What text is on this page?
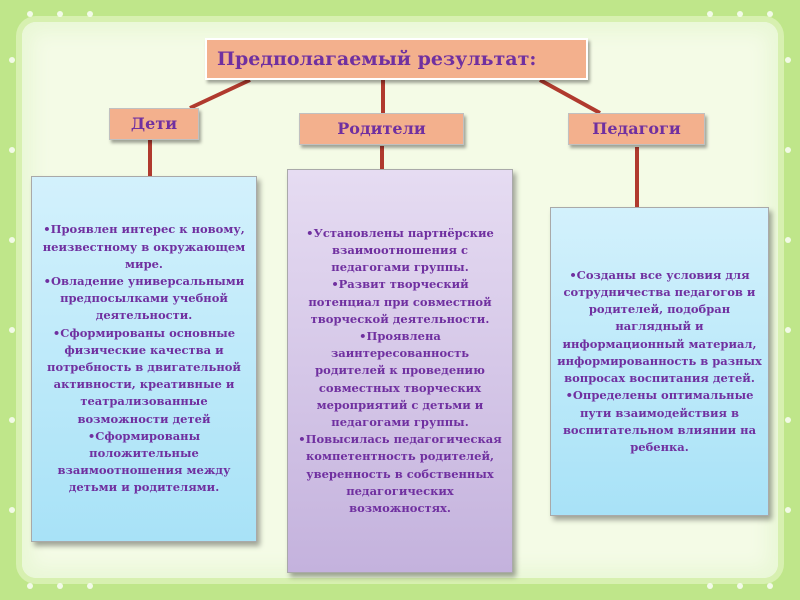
Предполагаемый результат:
Дети	Родители	Педагоги

•Проявлен интерес к новому, неизвестному в окружающем мире.

•Овладение универсальными предпосылками учебной деятельности.

•Сформированы основные физические качества и потребность в двигательной активности, креативные и театрализованные возможности детей

•Сформированы положительные взаимоотношения между детьми и родителями.

•Установлены партнёрские взаимоотношения с педагогами группы.

•Развит творческий потенциал при совместной творческой деятельности.

•Проявлена заинтересованность родителей к проведению совместных творческих мероприятий с детьми и педагогами группы.

•Повысилась педагогическая компетентность родителей, уверенность в собственных педагогических возможностях.

•Созданы все условия для сотрудничества педагогов и родителей, подобран наглядный и информационный материал, информированность в разных вопросах воспитания детей.

•Определены оптимальные пути взаимодействия в воспитательном влиянии на ребенка.
